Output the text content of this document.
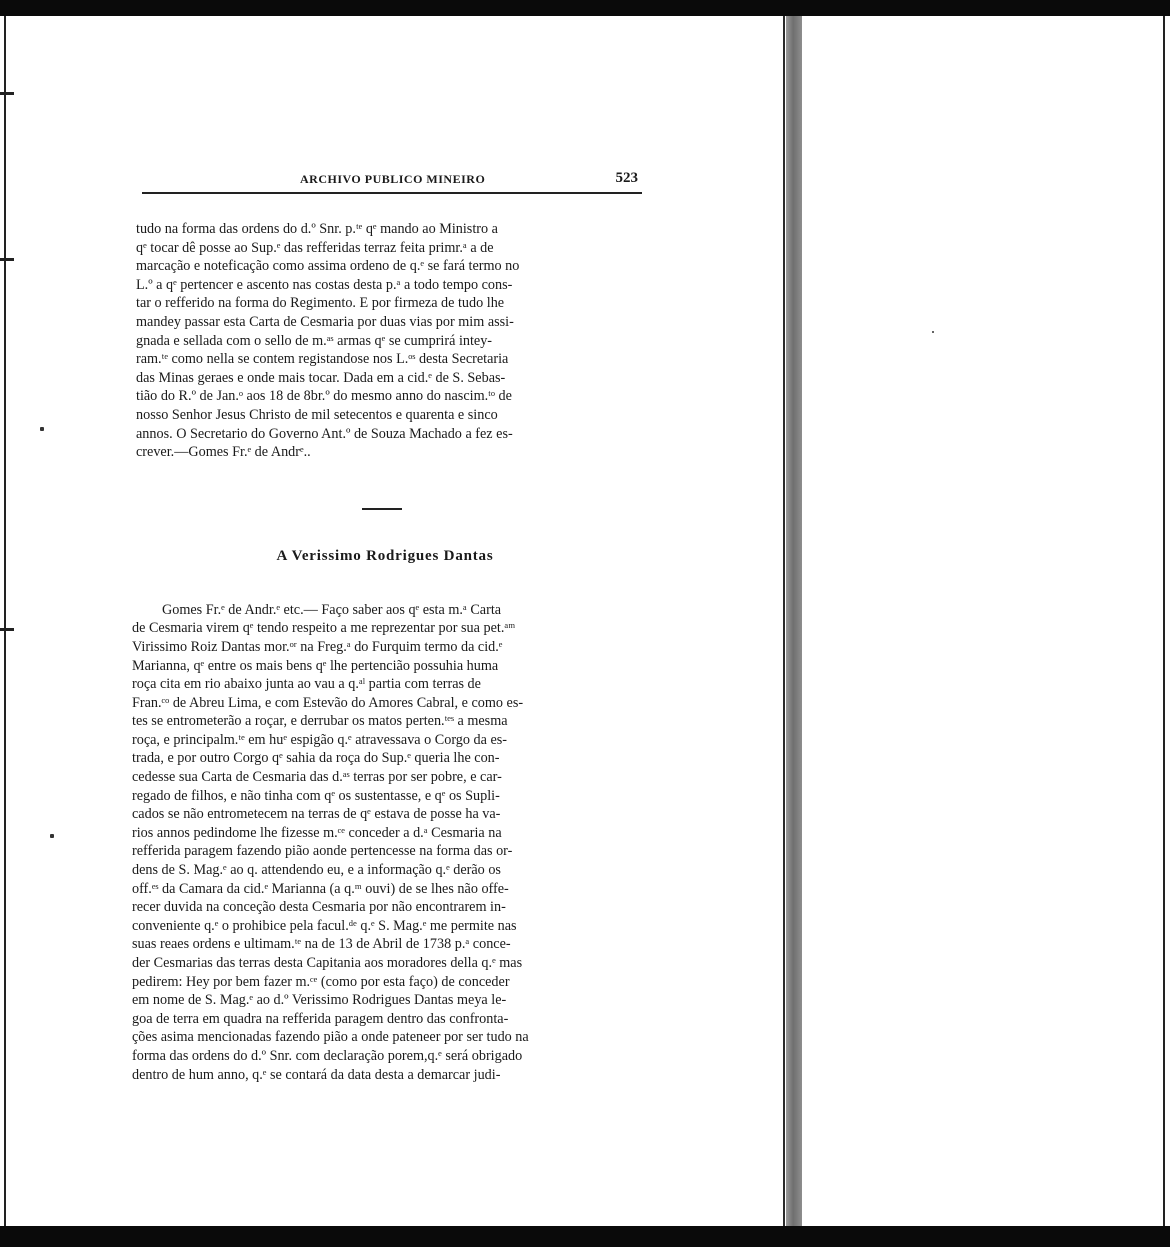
ARCHIVO PUBLICO MINEIRO	523

tudo na forma das ordens do d.º Snr. p.ᵗᵉ qᵉ mando ao Ministro a
qᵉ tocar dê posse ao Sup.ᵉ das refferidas terraz feita primr.ᵃ a de
marcação e noteficação como assima ordeno de q.ᵉ se fará termo no
L.º a qᵉ pertencer e ascento nas costas desta p.ᵃ a todo tempo cons-
tar o refferido na forma do Regimento. E por firmeza de tudo lhe
mandey passar esta Carta de Cesmaria por duas vias por mim assi-
gnada e sellada com o sello de m.ᵃˢ armas qᵉ se cumprirá intey-
ram.ᵗᵉ como nella se contem registandose nos L.ᵒˢ desta Secretaria
das Minas geraes e onde mais tocar. Dada em a cid.ᵉ de S. Sebas-
tião do R.º de Jan.ᵒ aos 18 de 8br.º do mesmo anno do nascim.ᵗᵒ de
nosso Senhor Jesus Christo de mil setecentos e quarenta e sinco
annos. O Secretario do Governo Ant.º de Souza Machado a fez es-
crever.—Gomes Fr.ᵉ de Andrᵉ..

A Verissimo Rodrigues Dantas

Gomes Fr.ᵉ de Andr.ᵉ etc.— Faço saber aos qᵉ esta m.ᵃ Carta
de Cesmaria virem qᵉ tendo respeito a me reprezentar por sua pet.ᵃᵐ
Virissimo Roiz Dantas mor.ᵒʳ na Freg.ᵃ do Furquim termo da cid.ᵉ
Marianna, qᵉ entre os mais bens qᵉ lhe pertencião possuhia huma
roça cita em rio abaixo junta ao vau a q.ᵃˡ partia com terras de
Fran.ᶜᵒ de Abreu Lima, e com Estevão do Amores Cabral, e como es-
tes se entrometerão a roçar, e derrubar os matos perten.ᵗᵉˢ a mesma
roça, e principalm.ᵗᵉ em huᵉ espigão q.ᵉ atravessava o Corgo da es-
trada, e por outro Corgo qᵉ sahia da roça do Sup.ᵉ queria lhe con-
cedesse sua Carta de Cesmaria das d.ᵃˢ terras por ser pobre, e car-
regado de filhos, e não tinha com qᵉ os sustentasse, e qᵉ os Supli-
cados se não entrometecem na terras de qᵉ estava de posse ha va-
rios annos pedindome lhe fizesse m.ᶜᵉ conceder a d.ᵃ Cesmaria na
refferida paragem fazendo pião aonde pertencesse na forma das or-
dens de S. Mag.ᵉ ao q. attendendo eu, e a informação q.ᵉ derão os
off.ᵉˢ da Camara da cid.ᵉ Marianna (a q.ᵐ ouvi) de se lhes não offe-
recer duvida na conceção desta Cesmaria por não encontrarem in-
conveniente q.ᵉ o prohibice pela facul.ᵈᵉ q.ᵉ S. Mag.ᵉ me permite nas
suas reaes ordens e ultimam.ᵗᵉ na de 13 de Abril de 1738 p.ᵃ conce-
der Cesmarias das terras desta Capitania aos moradores della q.ᵉ mas
pedirem: Hey por bem fazer m.ᶜᵉ (como por esta faço) de conceder
em nome de S. Mag.ᵉ ao d.º Verissimo Rodrigues Dantas meya le-
goa de terra em quadra na refferida paragem dentro das confronta-
ções asima mencionadas fazendo pião a onde pateneer por ser tudo na
forma das ordens do d.º Snr. com declaração porem,q.ᵉ será obrigado
dentro de hum anno, q.ᵉ se contará da data desta a demarcar judi-
